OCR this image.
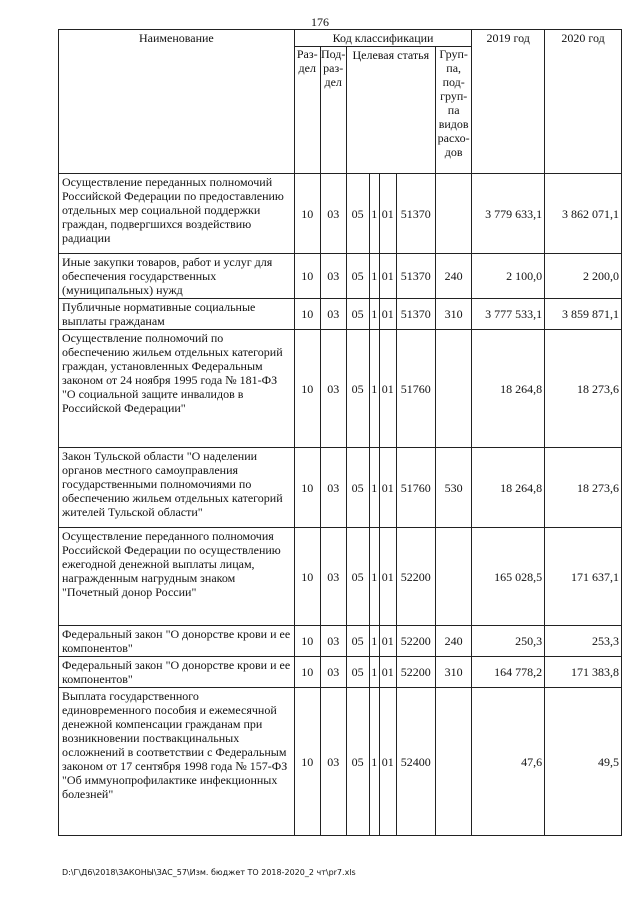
176
Наименование	Код классификации							2019 год	2020 год
	Раз-дел	Под-раз-дел	Целевая статья				Груп-па, под-груп-па видов расхо-дов		
Осуществление переданных полномочий Российской Федерации по предоставлению отдельных мер социальной поддержки граждан, подвергшихся воздействию радиации	10	03	05	1	01	51370		3 779 633,1	3 862 071,1
Иные закупки товаров, работ и услуг для обеспечения государственных (муниципальных) нужд	10	03	05	1	01	51370	240	2 100,0	2 200,0
Публичные нормативные социальные выплаты гражданам	10	03	05	1	01	51370	310	3 777 533,1	3 859 871,1
Осуществление полномочий по обеспечению жильем отдельных категорий граждан, установленных Федеральным законом от 24 ноября 1995 года № 181-ФЗ "О социальной защите инвалидов в Российской Федерации"	10	03	05	1	01	51760		18 264,8	18 273,6
Закон Тульской области "О наделении органов местного самоуправления государственными полномочиями по обеспечению жильем отдельных категорий жителей Тульской области"	10	03	05	1	01	51760	530	18 264,8	18 273,6
Осуществление переданного полномочия Российской Федерации по осуществлению ежегодной денежной выплаты лицам, награжденным нагрудным знаком "Почетный донор России"	10	03	05	1	01	52200		165 028,5	171 637,1
Федеральный закон "О донорстве крови и ее компонентов"	10	03	05	1	01	52200	240	250,3	253,3
Федеральный закон "О донорстве крови и ее компонентов"	10	03	05	1	01	52200	310	164 778,2	171 383,8
Выплата государственного единовременного пособия и ежемесячной денежной компенсации гражданам при возникновении поствакцинальных осложнений в соответствии с Федеральным законом от 17 сентября 1998 года № 157-ФЗ "Об иммунопрофилактике инфекционных болезней"	10	03	05	1	01	52400		47,6	49,5
D:\Г\Д6\2018\ЗАКОНЫ\ЗАС_57\Изм. бюджет ТО 2018-2020_2 чт\pr7.xls
